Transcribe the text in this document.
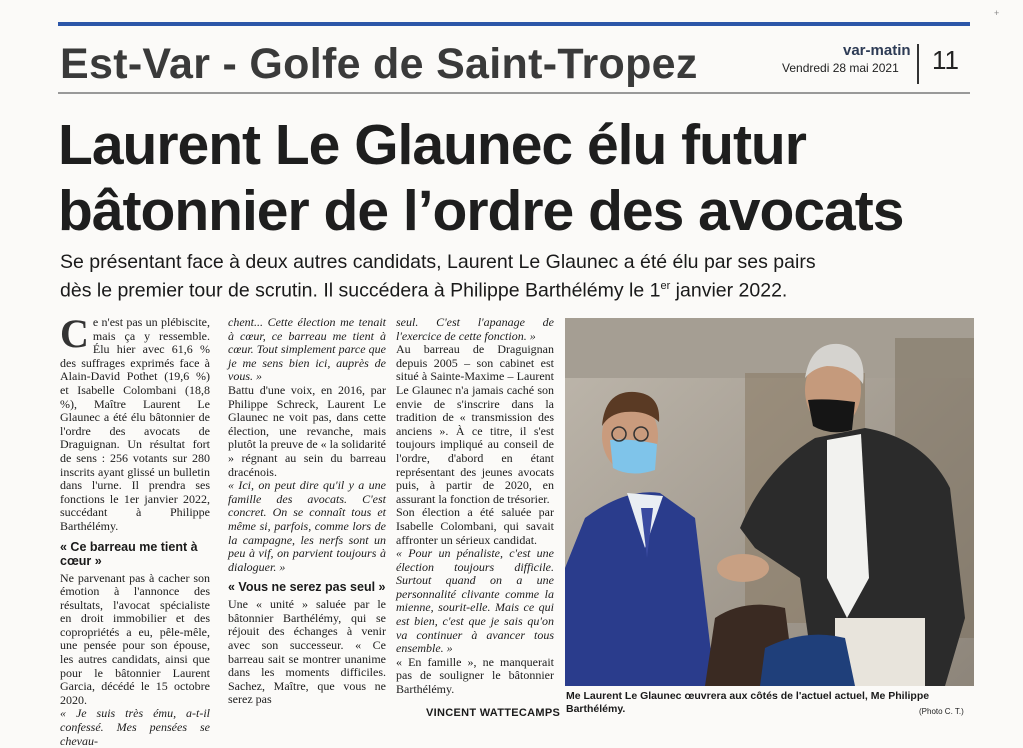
+
Est-Var - Golfe de Saint-Tropez	var-matin
Vendredi 28 mai 2021 11
Laurent Le Glaunec élu futur
bâtonnier de l’ordre des avocats
Se présentant face à deux autres candidats, Laurent Le Glaunec a été élu par ses pairs
dès le premier tour de scrutin. Il succédera à Philippe Barthélémy le 1er janvier 2022.
C e n'est pas un plébiscite, mais ça y ressemble. Élu hier avec 61,6 % des suffrages exprimés face à Alain-David Pothet (19,6 %) et Isabelle Colombani (18,8 %), Maître Laurent Le Glaunec a été élu bâtonnier de l'ordre des avocats de Draguignan. Un résultat fort de sens : 256 votants sur 280 inscrits ayant glissé un bulletin dans l'urne. Il prendra ses fonctions le 1er janvier 2022, succédant à Philippe Barthélémy.

« Ce barreau me tient à cœur »

Ne parvenant pas à cacher son émotion à l'annonce des résultats, l'avocat spécialiste en droit immobilier et des copropriétés a eu, pêle-mêle, une pensée pour son épouse, les autres candidats, ainsi que pour le bâtonnier Laurent Garcia, décédé le 15 octobre 2020.

« Je suis très ému, a-t-il confessé. Mes pensées se chevau-

chent... Cette élection me tenait à cœur, ce barreau me tient à cœur. Tout simplement parce que je me sens bien ici, auprès de vous. »

Battu d'une voix, en 2016, par Philippe Schreck, Laurent Le Glaunec ne voit pas, dans cette élection, une revanche, mais plutôt la preuve de « la solidarité » régnant au sein du barreau dracénois.

« Ici, on peut dire qu'il y a une famille des avocats. C'est concret. On se connaît tous et même si, parfois, comme lors de la campagne, les nerfs sont un peu à vif, on parvient toujours à dialoguer. »

« Vous ne serez pas seul »

Une « unité » saluée par le bâtonnier Barthélémy, qui se réjouit des échanges à venir avec son successeur. « Ce barreau sait se montrer unanime dans les moments difficiles. Sachez, Maître, que vous ne serez pas

seul. C'est l'apanage de l'exercice de cette fonction. »

Au barreau de Draguignan depuis 2005 – son cabinet est situé à Sainte-Maxime – Laurent Le Glaunec n'a jamais caché son envie de s'inscrire dans la tradition de « transmission des anciens ». À ce titre, il s'est toujours impliqué au conseil de l'ordre, d'abord en étant représentant des jeunes avocats puis, à partir de 2020, en assurant la fonction de trésorier.

Son élection a été saluée par Isabelle Colombani, qui savait affronter un sérieux candidat.

« Pour un pénaliste, c'est une élection toujours difficile. Surtout quand on a une personnalité clivante comme la mienne, sourit-elle. Mais ce qui est bien, c'est que je sais qu'on va continuer à avancer tous ensemble. »

« En famille », ne manquerait pas de souligner le bâtonnier Barthélémy.

VINCENT WATTECAMPS
Me Laurent Le Glaunec œuvrera aux côtés de l'actuel actuel, Me Philippe Barthélémy.	(Photo C. T.)
